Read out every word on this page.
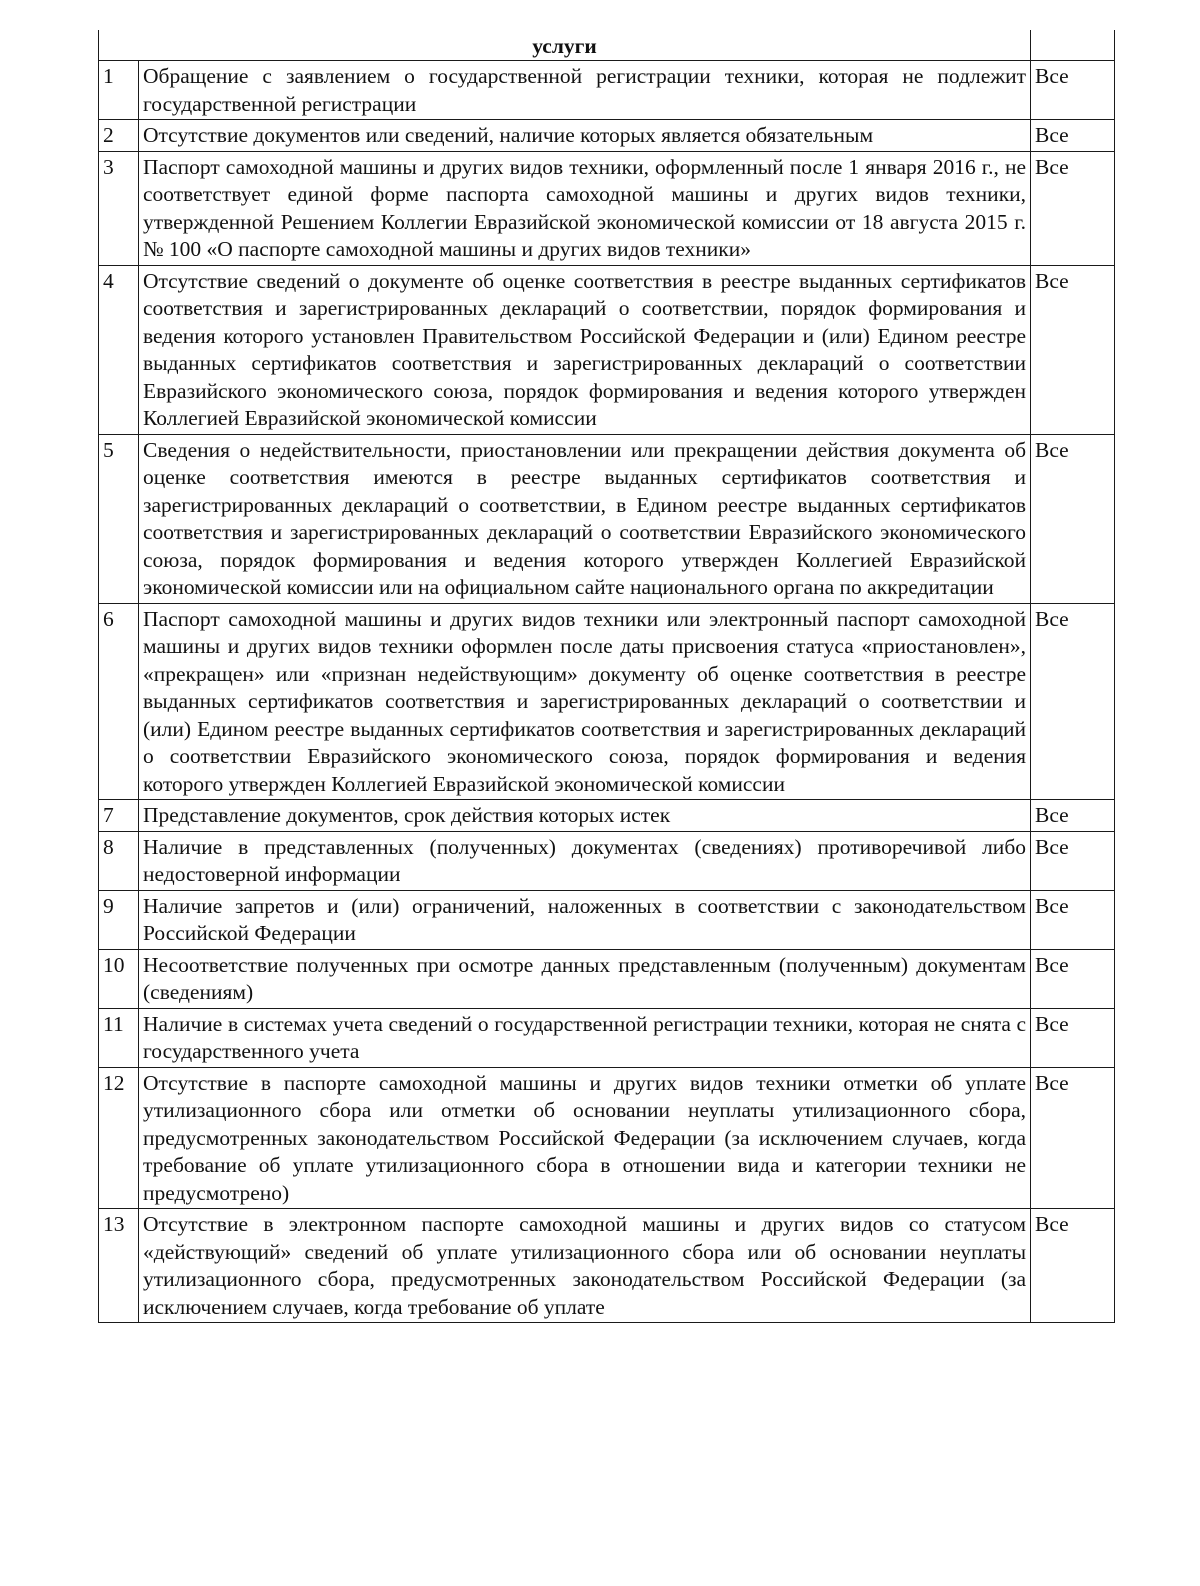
услуги		
1	Обращение с заявлением о государственной регистрации техники, которая не подлежит государственной регистрации	Все
2	Отсутствие документов или сведений, наличие которых является обязательным	Все
3	Паспорт самоходной машины и других видов техники, оформленный после 1 января 2016 г., не соответствует единой форме паспорта самоходной машины и других видов техники, утвержденной Решением Коллегии Евразийской экономической комиссии от 18 августа 2015 г. № 100 «О паспорте самоходной машины и других видов техники»	Все
4	Отсутствие сведений о документе об оценке соответствия в реестре выданных сертификатов соответствия и зарегистрированных деклараций о соответствии, порядок формирования и ведения которого установлен Правительством Российской Федерации и (или) Едином реестре выданных сертификатов соответствия и зарегистрированных деклараций о соответствии Евразийского экономического союза, порядок формирования и ведения которого утвержден Коллегией Евразийской экономической комиссии	Все
5	Сведения о недействительности, приостановлении или прекращении действия документа об оценке соответствия имеются в реестре выданных сертификатов соответствия и зарегистрированных деклараций о соответствии, в Едином реестре выданных сертификатов соответствия и зарегистрированных деклараций о соответствии Евразийского экономического союза, порядок формирования и ведения которого утвержден Коллегией Евразийской экономической комиссии или на официальном сайте национального органа по аккредитации	Все
6	Паспорт самоходной машины и других видов техники или электронный паспорт самоходной машины и других видов техники оформлен после даты присвоения статуса «приостановлен», «прекращен» или «признан недействующим» документу об оценке соответствия в реестре выданных сертификатов соответствия и зарегистрированных деклараций о соответствии и (или) Едином реестре выданных сертификатов соответствия и зарегистрированных деклараций о соответствии Евразийского экономического союза, порядок формирования и ведения которого утвержден Коллегией Евразийской экономической комиссии	Все
7	Представление документов, срок действия которых истек	Все
8	Наличие в представленных (полученных) документах (сведениях) противоречивой либо недостоверной информации	Все
9	Наличие запретов и (или) ограничений, наложенных в соответствии с законодательством Российской Федерации	Все
10	Несоответствие полученных при осмотре данных представленным (полученным) документам (сведениям)	Все
11	Наличие в системах учета сведений о государственной регистрации техники, которая не снята с государственного учета	Все
12	Отсутствие в паспорте самоходной машины и других видов техники отметки об уплате утилизационного сбора или отметки об основании неуплаты утилизационного сбора, предусмотренных законодательством Российской Федерации (за исключением случаев, когда требование об уплате утилизационного сбора в отношении вида и категории техники не предусмотрено)	Все
13	Отсутствие в электронном паспорте самоходной машины и других видов со статусом «действующий» сведений об уплате утилизационного сбора или об основании неуплаты утилизационного сбора, предусмотренных законодательством Российской Федерации (за исключением случаев, когда требование об уплате	Все
